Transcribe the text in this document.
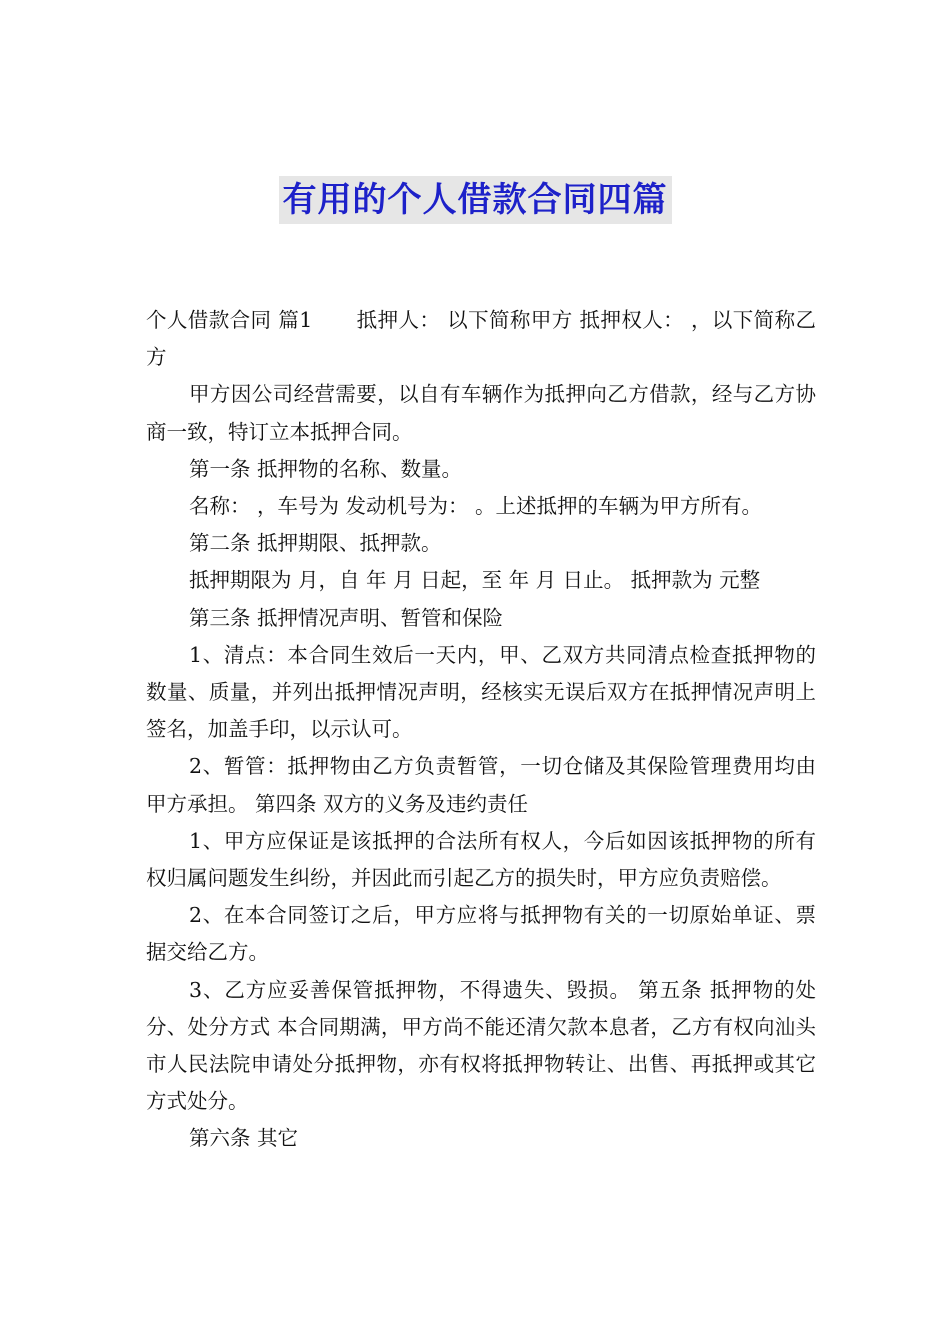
有用的个人借款合同四篇

个人借款合同 篇1 抵押人： 以下简称甲方 抵押权人： ，以下简称乙方

甲方因公司经营需要，以自有车辆作为抵押向乙方借款，经与乙方协商一致，特订立本抵押合同。

第一条 抵押物的名称、数量。

名称： ，车号为 发动机号为： 。上述抵押的车辆为甲方所有。

第二条 抵押期限、抵押款。

抵押期限为 月，自 年 月 日起，至 年 月 日止。 抵押款为 元整

第三条 抵押情况声明、暂管和保险

1、清点：本合同生效后一天内，甲、乙双方共同清点检查抵押物的数量、质量，并列出抵押情况声明，经核实无误后双方在抵押情况声明上签名，加盖手印，以示认可。

2、暂管：抵押物由乙方负责暂管，一切仓储及其保险管理费用均由甲方承担。 第四条 双方的义务及违约责任

1、甲方应保证是该抵押的合法所有权人，今后如因该抵押物的所有权归属问题发生纠纷，并因此而引起乙方的损失时，甲方应负责赔偿。

2、在本合同签订之后，甲方应将与抵押物有关的一切原始单证、票据交给乙方。

3、乙方应妥善保管抵押物，不得遗失、毁损。 第五条 抵押物的处分、处分方式 本合同期满，甲方尚不能还清欠款本息者，乙方有权向汕头市人民法院申请处分抵押物，亦有权将抵押物转让、出售、再抵押或其它方式处分。

第六条 其它
